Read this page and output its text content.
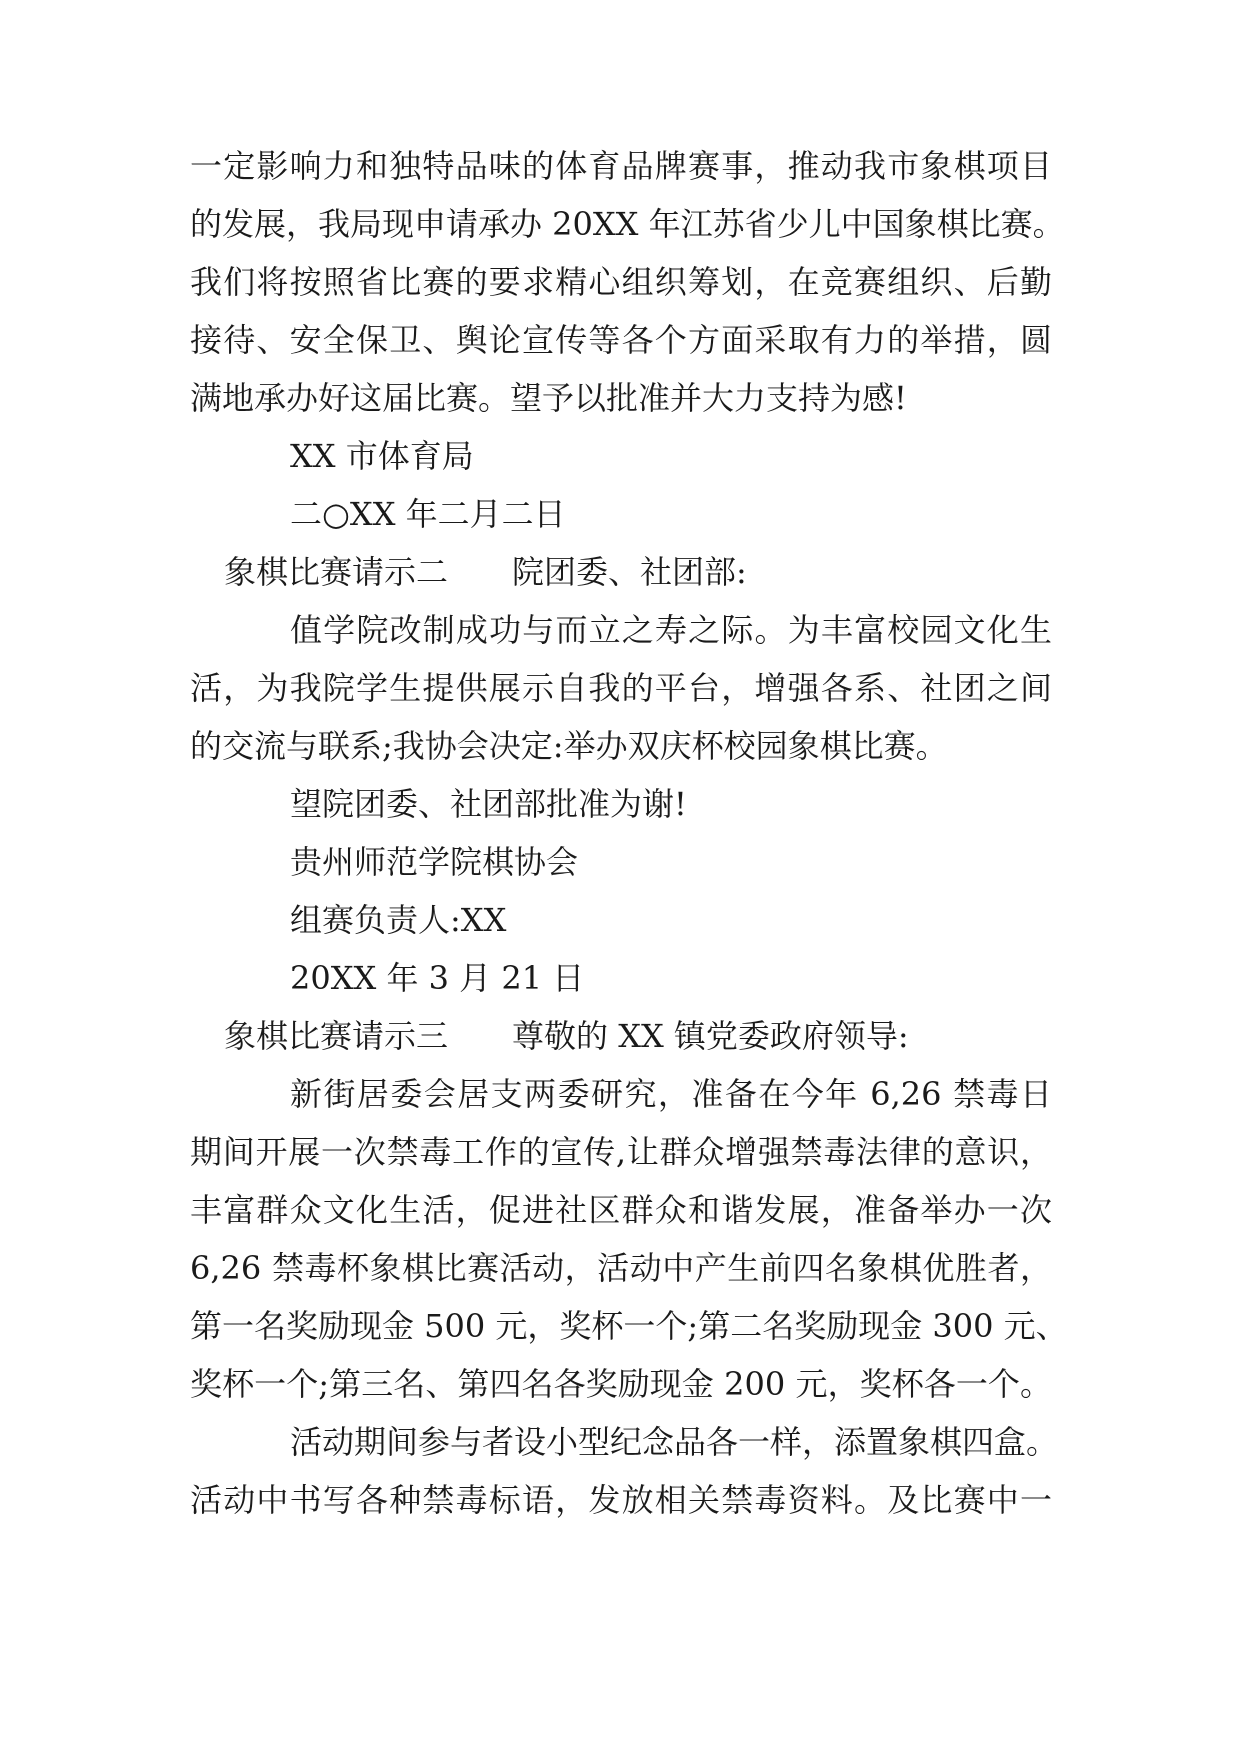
一定影响力和独特品味的体育品牌赛事，推动我市象棋项目
的发展，我局现申请承办 20XX 年江苏省少儿中国象棋比赛。
我们将按照省比赛的要求精心组织筹划，在竞赛组织、后勤
接待、安全保卫、舆论宣传等各个方面采取有力的举措，圆
满地承办好这届比赛。望予以批准并大力支持为感!
XX 市体育局
二○XX 年二月二日
象棋比赛请示二 院团委、社团部:
值学院改制成功与而立之寿之际。为丰富校园文化生
活，为我院学生提供展示自我的平台，增强各系、社团之间
的交流与联系;我协会决定:举办双庆杯校园象棋比赛。
望院团委、社团部批准为谢!
贵州师范学院棋协会
组赛负责人:XX
20XX 年 3 月 21 日
象棋比赛请示三 尊敬的 XX 镇党委政府领导:
新街居委会居支两委研究，准备在今年 6,26 禁毒日
期间开展一次禁毒工作的宣传,让群众增强禁毒法律的意识，
丰富群众文化生活，促进社区群众和谐发展，准备举办一次
6,26 禁毒杯象棋比赛活动，活动中产生前四名象棋优胜者，
第一名奖励现金 500 元，奖杯一个;第二名奖励现金 300 元、
奖杯一个;第三名、第四名各奖励现金 200 元，奖杯各一个。
活动期间参与者设小型纪念品各一样，添置象棋四盒。
活动中书写各种禁毒标语，发放相关禁毒资料。及比赛中一
